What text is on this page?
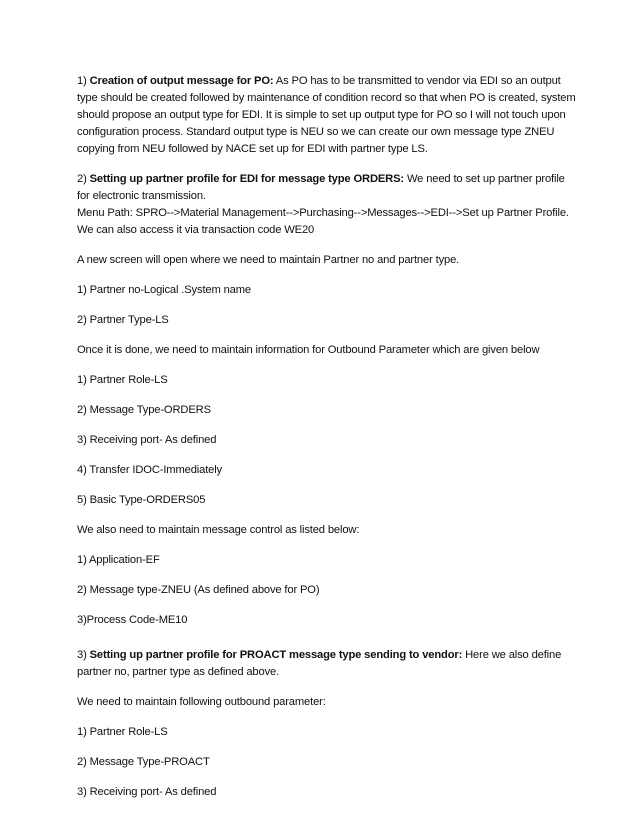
1) Creation of output message for PO: As PO has to be transmitted to vendor via EDI so an output type should be created followed by maintenance of condition record so that when PO is created, system should propose an output type for EDI. It is simple to set up output type for PO so I will not touch upon configuration process. Standard output type is NEU so we can create our own message type ZNEU copying from NEU followed by NACE set up for EDI with partner type LS.

2) Setting up partner profile for EDI for message type ORDERS: We need to set up partner profile for electronic transmission.

Menu Path: SPRO-->Material Management-->Purchasing-->Messages-->EDI-->Set up Partner Profile.

We can also access it via transaction code WE20

A new screen will open where we need to maintain Partner no and partner type.

1) Partner no-Logical .System name

2) Partner Type-LS

Once it is done, we need to maintain information for Outbound Parameter which are given below

1) Partner Role-LS

2) Message Type-ORDERS

3) Receiving port- As defined

4) Transfer IDOC-Immediately

5) Basic Type-ORDERS05

We also need to maintain message control as listed below:

1) Application-EF

2) Message type-ZNEU (As defined above for PO)

3)Process Code-ME10

3) Setting up partner profile for PROACT message type sending to vendor: Here we also define partner no, partner type as defined above.

We need to maintain following outbound parameter:

1) Partner Role-LS

2) Message Type-PROACT

3) Receiving port- As defined
